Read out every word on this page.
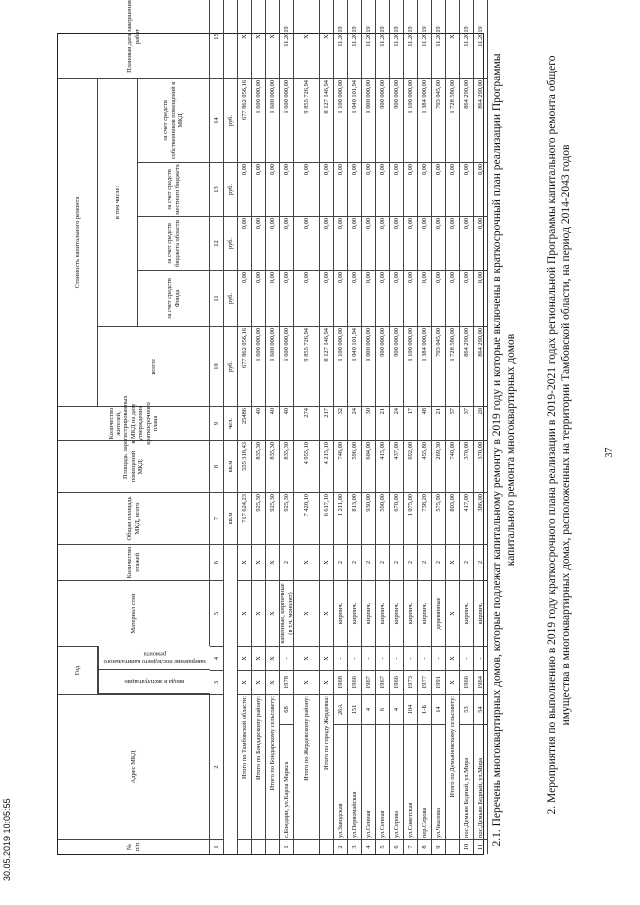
37
30.05.2019 10:05:55
2. Мероприятия по выполнению в 2019 году краткосрочного плана реализации в 2019-2021 годах региональной Программы капитального ремонта общего имущества в многоквартирных домах, расположенных на территории Тамбовской области, на период 2014-2043 годов
2.1. Перечень многоквартирных домов, которые подлежат капитальному ремонту в 2019 году и которые включены в краткосрочный план реализации Программы капитального ремонта многоквартирных домов
№ п/п
Адрес МКД
Год
ввода в эксплуатацию
завершение последнего капитального ремонта
Материал стен
Количество этажей
Общая площадь МКД, всего
Площадь помещений МКД:
Количество жителей, зарегистрированных в МКД на дату утверждения краткосрочного плана
Стоимость капитального ремонта
всего:
в том числе:
за счет средств Фонда
за счет средств бюджета области
за счет средств местного бюджета
за счет средств собственников помещений в МКД
Плановая дата завершения работ
1
2
3
4
5
6
7
8
9
10
11
12
13
14
15
кв.м
кв.м
чел.
руб.
руб.
руб.
руб.
руб.
Итого по Тамбовской области:
X
X
X
X
717 624,23
555 318,43
25486
677 862 056,16
0,00
0,00
0,00
677 862 056,16
X
Итого по Бондарскому району:
X
X
X
X
925,30
835,30
40
1 600 000,00
0,00
0,00
0,00
1 600 000,00
X
Итого по Бондарскому сельсовету:
X
X
X
X
925,30
835,30
40
1 600 000,00
0,00
0,00
0,00
1 600 000,00
X
1
с.Бондари, ул.Карла Маркса
68
1978
-
каменные, кирпичные (в т.ч. монолит)
2
925,30
835,30
40
1 600 000,00
0,00
0,00
0,00
1 600 000,00
11.2019
Итого по Жердевскому району:
X
X
X
X
7 420,10
4 955,10
274
9 855 726,94
0,00
0,00
0,00
9 855 726,94
X
Итого по городу Жердевка:
X
X
X
X
6 617,10
4 215,10
217
8 127 146,94
0,00
0,00
0,00
8 127 146,94
X
2
ул.Заводская
26А
1968
-
кирпич.
2
1 211,00
746,00
32
1 100 000,00
0,00
0,00
0,00
1 100 000,00
11.2019
3
ул.Первомайская
151
1966
-
кирпич.
2
813,00
596,00
24
1 040 101,94
0,00
0,00
0,00
1 040 101,94
11.2019
4
ул.Сенная
4
1967
-
кирпич.
2
930,00
604,00
30
1 000 000,00
0,00
0,00
0,00
1 000 000,00
11.2019
5
ул.Сенная
6
1967
-
кирпич.
2
590,00
415,00
21
900 000,00
0,00
0,00
0,00
900 000,00
11.2019
6
ул.Серова
4
1966
-
кирпич.
2
670,00
437,00
24
900 000,00
0,00
0,00
0,00
900 000,00
11.2019
7
ул.Советская
104
1973
-
кирпич.
2
1 075,00
692,00
17
1 100 000,00
0,00
0,00
0,00
1 100 000,00
11.2019
8
пер.Серова
1-Б
1977
-
кирпич.
2
738,20
455,80
48
1 384 000,00
0,00
0,00
0,00
1 384 000,00
11.2019
9
ул.Чкалова
14
1991
-
деревянные
2
575,90
269,30
21
703 045,00
0,00
0,00
0,00
703 045,00
11.2019
Итого по Демьяновскому сельсовету:
X
X
X
X
803,00
740,00
57
1 728 580,00
0,00
0,00
0,00
1 728 580,00
X
10
пос.Демьян Бедный, ул.Мира
53
1966
-
кирпич.
2
417,00
370,00
37
864 290,00
0,00
0,00
0,00
864 290,00
11.2019
11
пос.Демьян Бедный, ул.Мира
54
1964
-
кирпич.
2
386,00
370,00
20
864 290,00
0,00
0,00
0,00
864 290,00
11.2019
